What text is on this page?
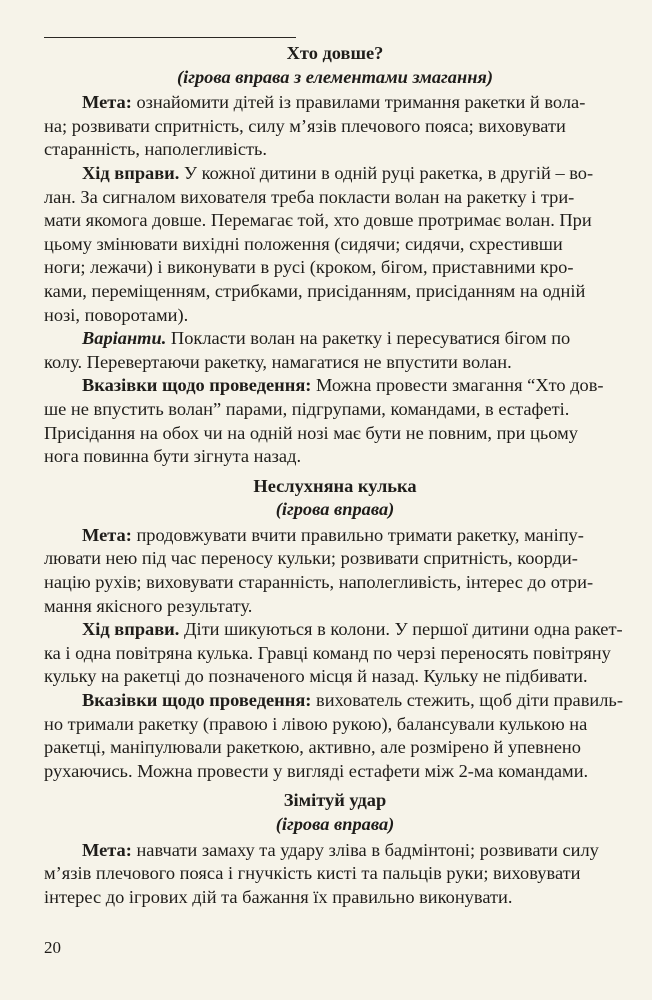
Хто довше?

(ігрова вправа з елементами змагання)

Мета: ознайомити дітей із правилами тримання ракетки й вола-
на; розвивати спритність, силу м’язів плечового пояса; виховувати
старанність, наполегливість.
Хід вправи. У кожної дитини в одній руці ракетка, в другій – во-
лан. За сигналом вихователя треба покласти волан на ракетку і три-
мати якомога довше. Перемагає той, хто довше протримає волан. При
цьому змінювати вихідні положення (сидячи; сидячи, схрестивши
ноги; лежачи) і виконувати в русі (кроком, бігом, приставними кро-
ками, переміщенням, стрибками, присіданням, присіданням на одній
нозі, поворотами).
Варіанти. Покласти волан на ракетку і пересуватися бігом по
колу. Перевертаючи ракетку, намагатися не впустити волан.
Вказівки щодо проведення: Можна провести змагання “Хто дов-
ше не впустить волан” парами, підгрупами, командами, в естафеті.
Присідання на обох чи на одній нозі має бути не повним, при цьому
нога повинна бути зігнута назад.

Неслухняна кулька

(ігрова вправа)

Мета: продовжувати вчити правильно тримати ракетку, маніпу-
лювати нею під час переносу кульки; розвивати спритність, коорди-
націю рухів; виховувати старанність, наполегливість, інтерес до отри-
мання якісного результату.
Хід вправи. Діти шикуються в колони. У першої дитини одна ракет-
ка і одна повітряна кулька. Гравці команд по черзі переносять повітряну
кульку на ракетці до позначеного місця й назад. Кульку не підбивати.
Вказівки щодо проведення: вихователь стежить, щоб діти правиль-
но тримали ракетку (правою і лівою рукою), балансували кулькою на
ракетці, маніпулювали ракеткою, активно, але розмірено й упевнено
рухаючись. Можна провести у вигляді естафети між 2-ма командами.

Зімітуй удар

(ігрова вправа)

Мета: навчати замаху та удару зліва в бадмінтоні; розвивати силу
м’язів плечового пояса і гнучкість кисті та пальців руки; виховувати
інтерес до ігрових дій та бажання їх правильно виконувати.
20
